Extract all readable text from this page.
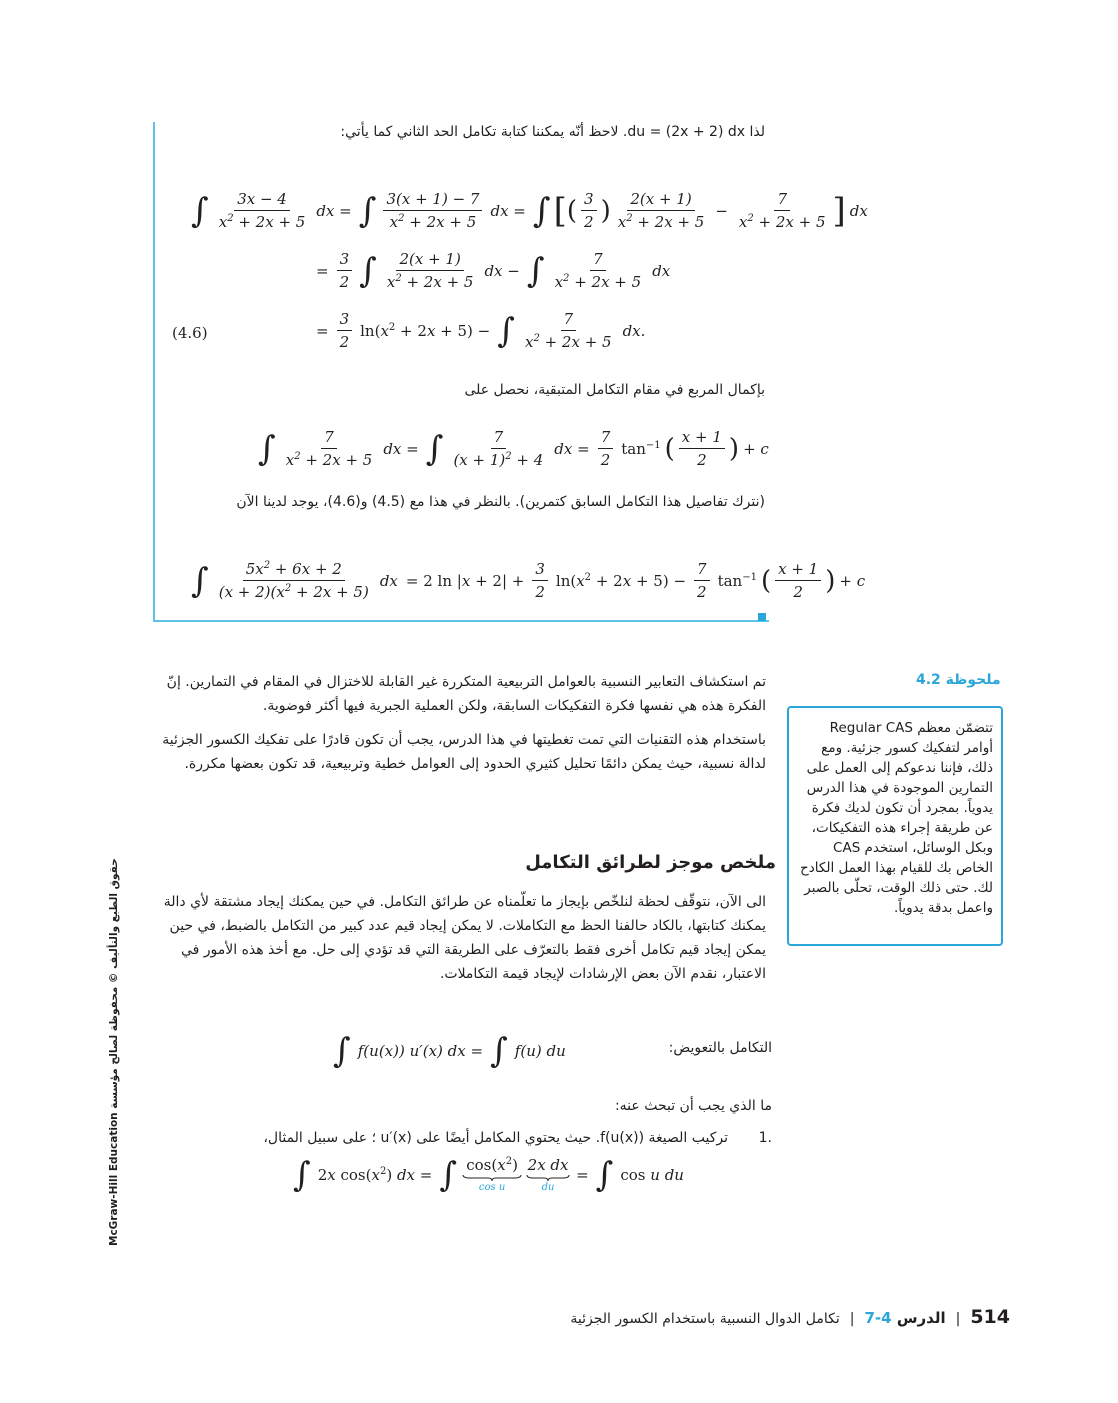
لذا du = (2x + 2) dx. لاحظ أنّه يمكننا كتابة تكامل الحد الثاني كما يأتي:
∫ $\frac{3x - 4}{x^2 + 2x + 5}$ dx = ∫ $\frac{3(x + 1) - 7}{x^2 + 2x + 5}$ dx = ∫ [ ( $\frac{3}{2}$ ) $\frac{2(x + 1)}{x^2 + 2x + 5} - \frac{7}{x^2 + 2x + 5}$ ] dx
= $\frac{3}{2}$ ∫ $\frac{2(x + 1)}{x^2 + 2x + 5}$ dx − ∫ $\frac{7}{x^2 + 2x + 5}$ dx
= $\frac{3}{2} \ln(x^2 + 2x + 5)$ − ∫ $\frac{7}{x^2 + 2x + 5}$ dx.
(4.6)
بإكمال المربع في مقام التكامل المتبقية، نحصل على
∫ $\frac{7}{x^2 + 2x + 5}$ dx = ∫ $\frac{7}{(x + 1)^2 + 4}$ dx = $\frac{7}{2} \tan^{-1}$ ( $\frac{x + 1}{2}$ ) + c
(نترك تفاصيل هذا التكامل السابق كتمرين). بالنظر في هذا مع (4.5) و(4.6)، يوجد لدينا الآن
∫ $\frac{5x^2 + 6x + 2}{(x + 2)(x^2 + 2x + 5)}$ dx = 2 $\ln |x + 2| + \frac{3}{2} \ln(x^2 + 2x + 5) - \frac{7}{2} \tan^{-1}$ ( $\frac{x + 1}{2}$ ) + c
ملحوظة 4.2

تتضمّن معظم Regular CAS أوامر لتفكيك كسور جزئية. ومع ذلك، فإننا ندعوكم إلى العمل على التمارين الموجودة في هذا الدرس يدوياً. بمجرد أن تكون لديك فكرة عن طريقة إجراء هذه التفكيكات، وبكل الوسائل، استخدم CAS الخاص بك للقيام بهذا العمل الكادح لك. حتى ذلك الوقت، تحلّى بالصبر واعمل بدقة يدوياً.

تم استكشاف التعابير النسبية بالعوامل التربيعية المتكررة غير القابلة للاختزال في المقام في التمارين. إنّ الفكرة هذه هي نفسها فكرة التفكيكات السابقة، ولكن العملية الجبرية فيها أكثر فوضوية.
باستخدام هذه التقنيات التي تمت تغطيتها في هذا الدرس، يجب أن تكون قادرًا على تفكيك الكسور الجزئية لدالة نسبية، حيث يمكن دائمًا تحليل كثيري الحدود إلى العوامل خطية وتربيعية، قد تكون بعضها مكررة.
ملخص موجز لطرائق التكامل
الى الآن، نتوقّف لحظة لنلخّص بإيجاز ما تعلّمناه عن طرائق التكامل. في حين يمكنك إيجاد مشتقة لأي دالة يمكنك كتابتها، بالكاد حالفنا الحظ مع التكاملات. لا يمكن إيجاد قيم عدد كبير من التكامل بالضبط، في حين يمكن إيجاد قيم تكامل أخرى فقط بالتعرّف على الطريقة التي قد تؤدي إلى حل. مع أخذ هذه الأمور في الاعتبار، نقدم الآن بعض الإرشادات لإيجاد قيمة التكاملات.
∫ f(u(x)) u′(x) dx = ∫ f(u) du	التكامل بالتعويض:
ما الذي يجب أن تبحث عنه:
.1
تركيب الصيغة f(u(x)). حيث يحتوي المكامل أيضًا على u′(x) ؛ على سبيل المثال،
∫ 2x $\cos(x^2)$ dx = ∫ $\cos(x^2)$
cos u
2x dx
du
= ∫ cos u du
حقوق الطبع والتأليف © محفوظة لصالح مؤسسة McGraw-Hill Education
514
|
الدرس 4-7
|
تكامل الدوال النسبية باستخدام الكسور الجزئية
